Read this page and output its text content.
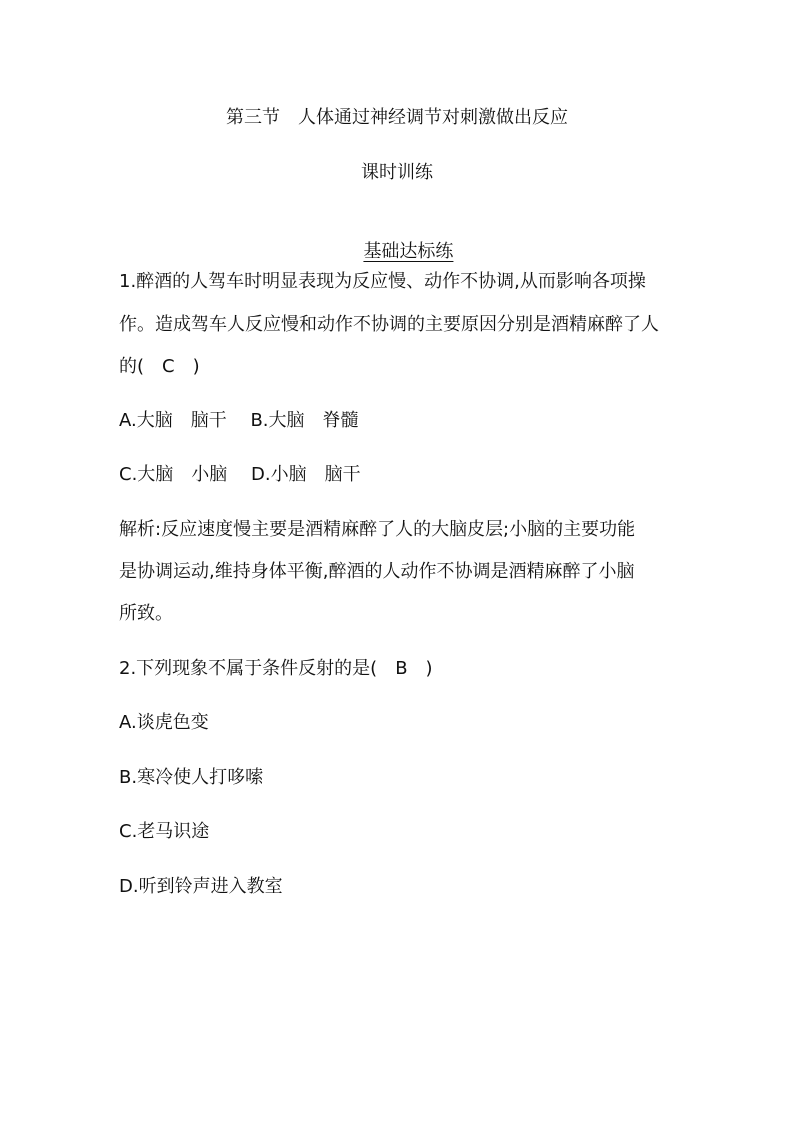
第三节　人体通过神经调节对刺激做出反应
课时训练

基础达标练

1.醉酒的人驾车时明显表现为反应慢、动作不协调,从而影响各项操
作。造成驾车人反应慢和动作不协调的主要原因分别是酒精麻醉了人
的(　C　)
A.大脑　脑干　 B.大脑　脊髓
C.大脑　小脑　 D.小脑　脑干
解析:反应速度慢主要是酒精麻醉了人的大脑皮层;小脑的主要功能
是协调运动,维持身体平衡,醉酒的人动作不协调是酒精麻醉了小脑
所致。
2.下列现象不属于条件反射的是(　B　)
A.谈虎色变
B.寒冷使人打哆嗦
C.老马识途
D.听到铃声进入教室
